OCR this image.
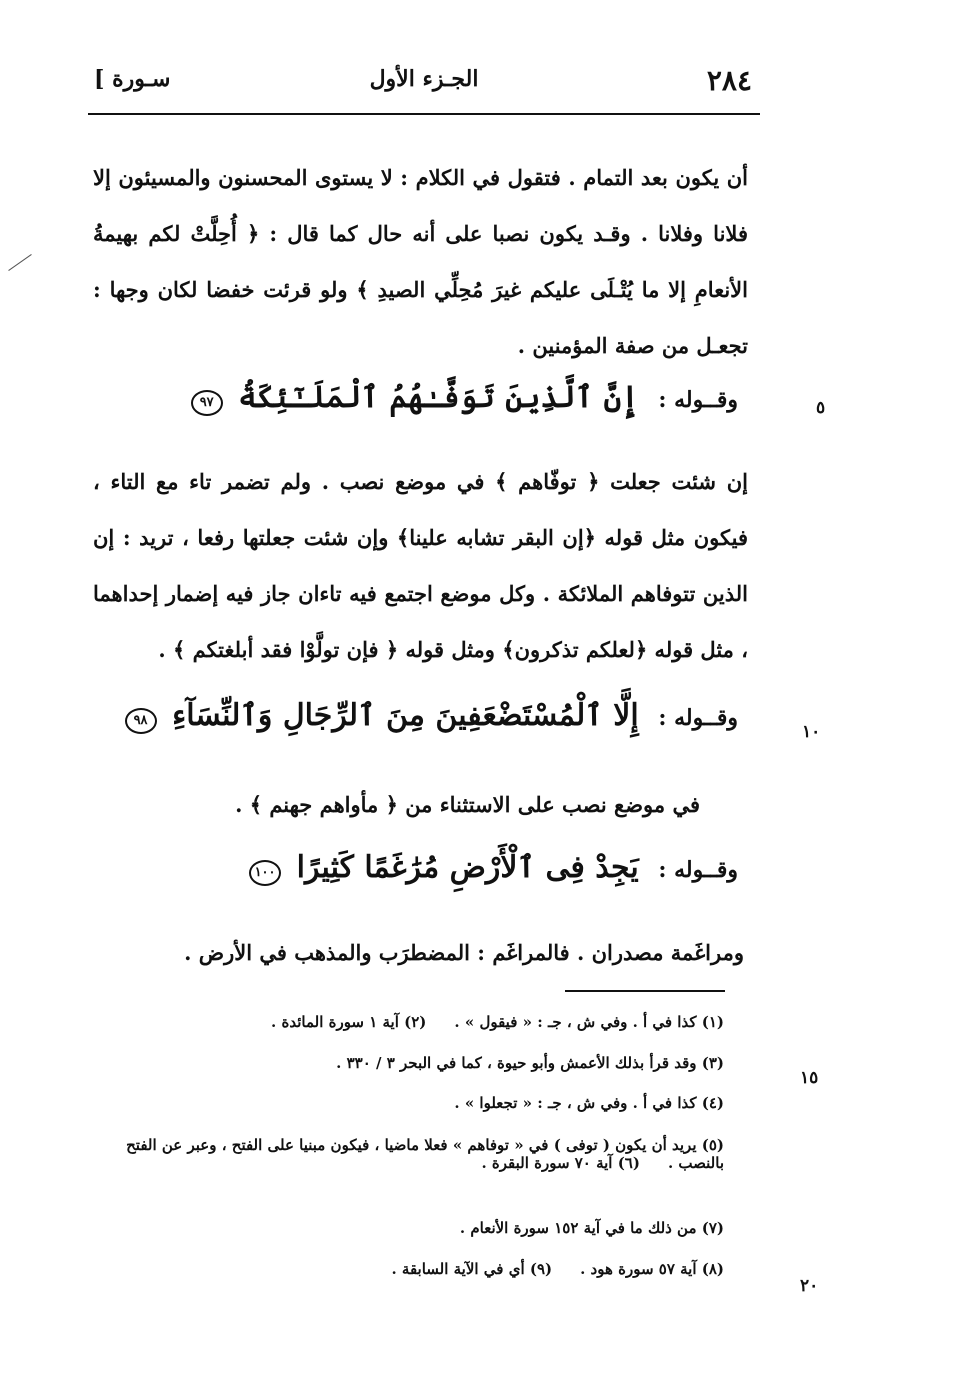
٢٨٤
الجـزء الأول
سـورة ]
أن يكون بعد التمام . فتقول في الكلام : لا يستوى المحسنون والمسيئون إلا فلانا وفلانا . وقـد يكون نصبا على أنه حال كما قال : ﴿ أُحِلَّتْ لكم بهيمةُ الأنعامِ إلا ما يُتْـلَى عليكم غيرَ مُحِلِّي الصيدِ ﴾ ولو قرئت خفضا لكان وجها : تجعـل من صفة المؤمنين .
وقــوله : إِنَّ ٱلَّذِينَ تَوَفَّـٰهُمُ ٱلْمَلَـٰٓئِكَةُ ٩٧
إن شئت جعلت ﴿ توفّاهم ﴾ في موضع نصب . ولم تضمر تاء مع التاء ، فيكون مثل قوله ﴿إن البقر تشابه علينا﴾ وإن شئت جعلتها رفعا ، تريد : إن الذين تتوفاهم الملائكة . وكل موضع اجتمع فيه تاءان جاز فيه إضمار إحداهما ، مثل قوله ﴿لعلكم تذكرون﴾ ومثل قوله ﴿ فإن تولَّوْا فقد أبلغتكم ﴾ .
وقــوله : إِلَّا ٱلْمُسْتَضْعَفِينَ مِنَ ٱلرِّجَالِ وَٱلنِّسَآءِ ٩٨
في موضع نصب على الاستثناء من ﴿ مأواهم جهنم ﴾ .
وقــوله : يَجِدْ فِى ٱلْأَرْضِ مُرَٰغَمًا كَثِيرًا ١٠٠
ومراغَمة مصدران . فالمراغَم : المضطرَب والمذهب في الأرض .
٥
١٠
١٥
٢٠
(١) كذا في أ . وفي ش ، جـ : « فيقول » .(٢) آية ١ سورة المائدة .
(٣) وقد قرأ بذلك الأعمش وأبو حيوة ، كما في البحر ٣ / ٣٣٠ .
(٤) كذا في أ . وفي ش ، جـ : « تجعلوا » .
(٥) يريد أن يكون ( توفى ) في « توفاهم » فعلا ماضيا ، فيكون مبنيا على الفتح ، وعبر عن الفتح بالنصب .(٦) آية ٧٠ سورة البقرة .
(٧) من ذلك ما في آية ١٥٢ سورة الأنعام .
(٨) آية ٥٧ سورة هود .(٩) أي في الآية السابقة .
